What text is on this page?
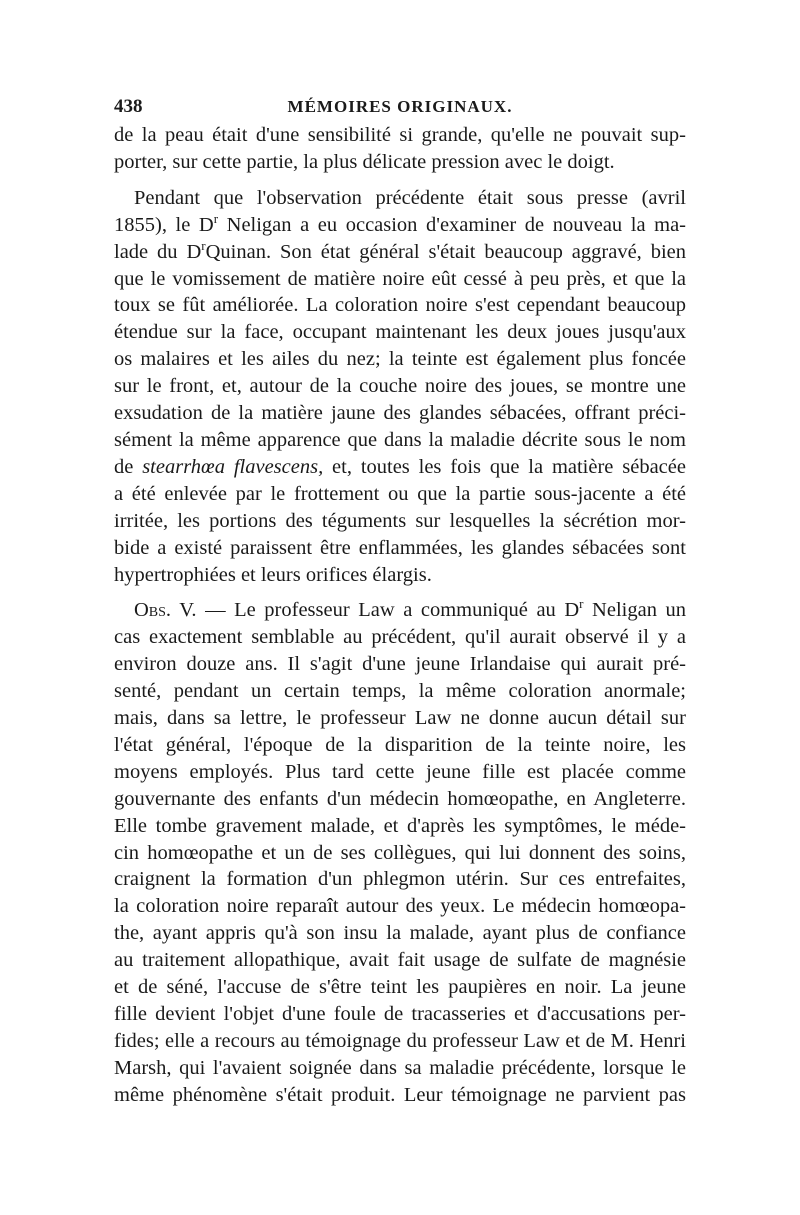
438	MÉMOIRES ORIGINAUX.
de la peau était d'une sensibilité si grande, qu'elle ne pouvait sup-
porter, sur cette partie, la plus délicate pression avec le doigt.
Pendant que l'observation précédente était sous presse (avril
1855), le $D^r$ Neligan a eu occasion d'examiner de nouveau la ma-
lade du $D^rQuinan$. Son état général s'était beaucoup aggravé, bien
que le vomissement de matière noire eût cessé à peu près, et que la
toux se fût améliorée. La coloration noire s'est cependant beaucoup
étendue sur la face, occupant maintenant les deux joues jusqu'aux
os malaires et les ailes du nez; la teinte est également plus foncée
sur le front, et, autour de la couche noire des joues, se montre une
exsudation de la matière jaune des glandes sébacées, offrant préci-
sément la même apparence que dans la maladie décrite sous le nom
de stearrhœa flavescens, et, toutes les fois que la matière sébacée
a été enlevée par le frottement ou que la partie sous-jacente a été
irritée, les portions des téguments sur lesquelles la sécrétion mor-
bide a existé paraissent être enflammées, les glandes sébacées sont
hypertrophiées et leurs orifices élargis.
Obs. V. — Le professeur Law a communiqué au $D^r$ Neligan un
cas exactement semblable au précédent, qu'il aurait observé il y a
environ douze ans. Il s'agit d'une jeune Irlandaise qui aurait pré-
senté, pendant un certain temps, la même coloration anormale;
mais, dans sa lettre, le professeur Law ne donne aucun détail sur
l'état général, l'époque de la disparition de la teinte noire, les
moyens employés. Plus tard cette jeune fille est placée comme
gouvernante des enfants d'un médecin homœopathe, en Angleterre.
Elle tombe gravement malade, et d'après les symptômes, le méde-
cin homœopathe et un de ses collègues, qui lui donnent des soins,
craignent la formation d'un phlegmon utérin. Sur ces entrefaites,
la coloration noire reparaît autour des yeux. Le médecin homœopa-
the, ayant appris qu'à son insu la malade, ayant plus de confiance
au traitement allopathique, avait fait usage de sulfate de magnésie
et de séné, l'accuse de s'être teint les paupières en noir. La jeune
fille devient l'objet d'une foule de tracasseries et d'accusations per-
fides; elle a recours au témoignage du professeur Law et de M. Henri
Marsh, qui l'avaient soignée dans sa maladie précédente, lorsque le
même phénomène s'était produit. Leur témoignage ne parvient pas
